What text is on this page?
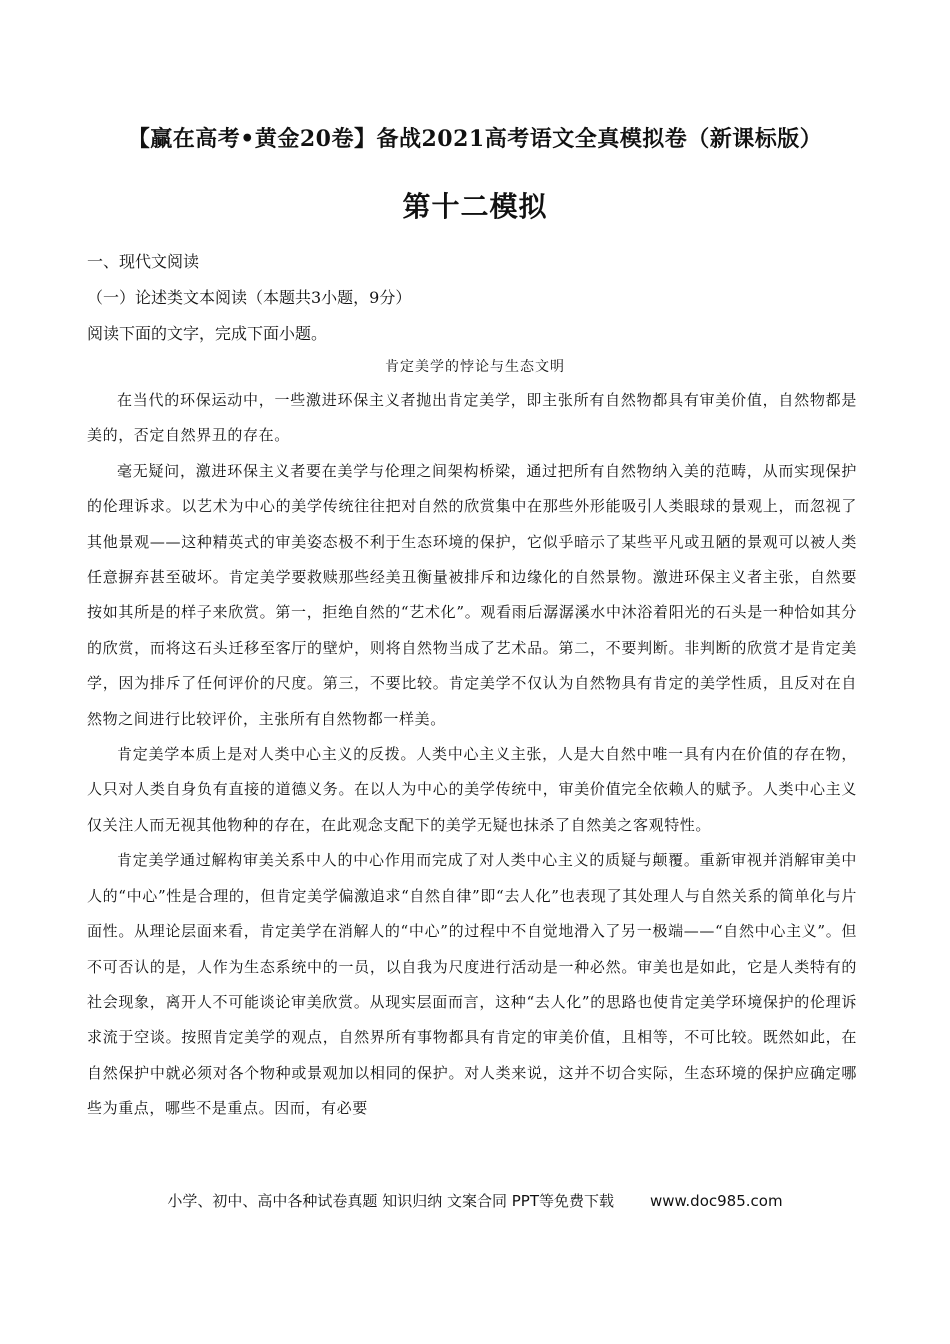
【赢在高考•黄金20卷】备战2021高考语文全真模拟卷（新课标版）
第十二模拟
一、现代文阅读
（一）论述类文本阅读（本题共3小题，9分）
阅读下面的文字，完成下面小题。
肯定美学的悖论与生态文明

在当代的环保运动中，一些激进环保主义者抛出肯定美学，即主张所有自然物都具有审美价值，自然物都是美的，否定自然界丑的存在。

毫无疑问，激进环保主义者要在美学与伦理之间架构桥梁，通过把所有自然物纳入美的范畴，从而实现保护的伦理诉求。以艺术为中心的美学传统往往把对自然的欣赏集中在那些外形能吸引人类眼球的景观上，而忽视了其他景观——这种精英式的审美姿态极不利于生态环境的保护，它似乎暗示了某些平凡或丑陋的景观可以被人类任意摒弃甚至破坏。肯定美学要救赎那些经美丑衡量被排斥和边缘化的自然景物。激进环保主义者主张，自然要按如其所是的样子来欣赏。第一，拒绝自然的“艺术化”。观看雨后潺潺溪水中沐浴着阳光的石头是一种恰如其分的欣赏，而将这石头迁移至客厅的壁炉，则将自然物当成了艺术品。第二，不要判断。非判断的欣赏才是肯定美学，因为排斥了任何评价的尺度。第三，不要比较。肯定美学不仅认为自然物具有肯定的美学性质，且反对在自然物之间进行比较评价，主张所有自然物都一样美。

肯定美学本质上是对人类中心主义的反拨。人类中心主义主张，人是大自然中唯一具有内在价值的存在物，人只对人类自身负有直接的道德义务。在以人为中心的美学传统中，审美价值完全依赖人的赋予。人类中心主义仅关注人而无视其他物种的存在，在此观念支配下的美学无疑也抹杀了自然美之客观特性。

肯定美学通过解构审美关系中人的中心作用而完成了对人类中心主义的质疑与颠覆。重新审视并消解审美中人的“中心”性是合理的，但肯定美学偏激追求“自然自律”即“去人化”也表现了其处理人与自然关系的简单化与片面性。从理论层面来看，肯定美学在消解人的“中心”的过程中不自觉地滑入了另一极端——“自然中心主义”。但不可否认的是，人作为生态系统中的一员，以自我为尺度进行活动是一种必然。审美也是如此，它是人类特有的社会现象，离开人不可能谈论审美欣赏。从现实层面而言，这种“去人化”的思路也使肯定美学环境保护的伦理诉求流于空谈。按照肯定美学的观点，自然界所有事物都具有肯定的审美价值，且相等，不可比较。既然如此，在自然保护中就必须对各个物种或景观加以相同的保护。对人类来说，这并不切合实际，生态环境的保护应确定哪些为重点，哪些不是重点。因而，有必要

小学、初中、高中各种试卷真题 知识归纳 文案合同 PPT等免费下载 www.doc985.com
